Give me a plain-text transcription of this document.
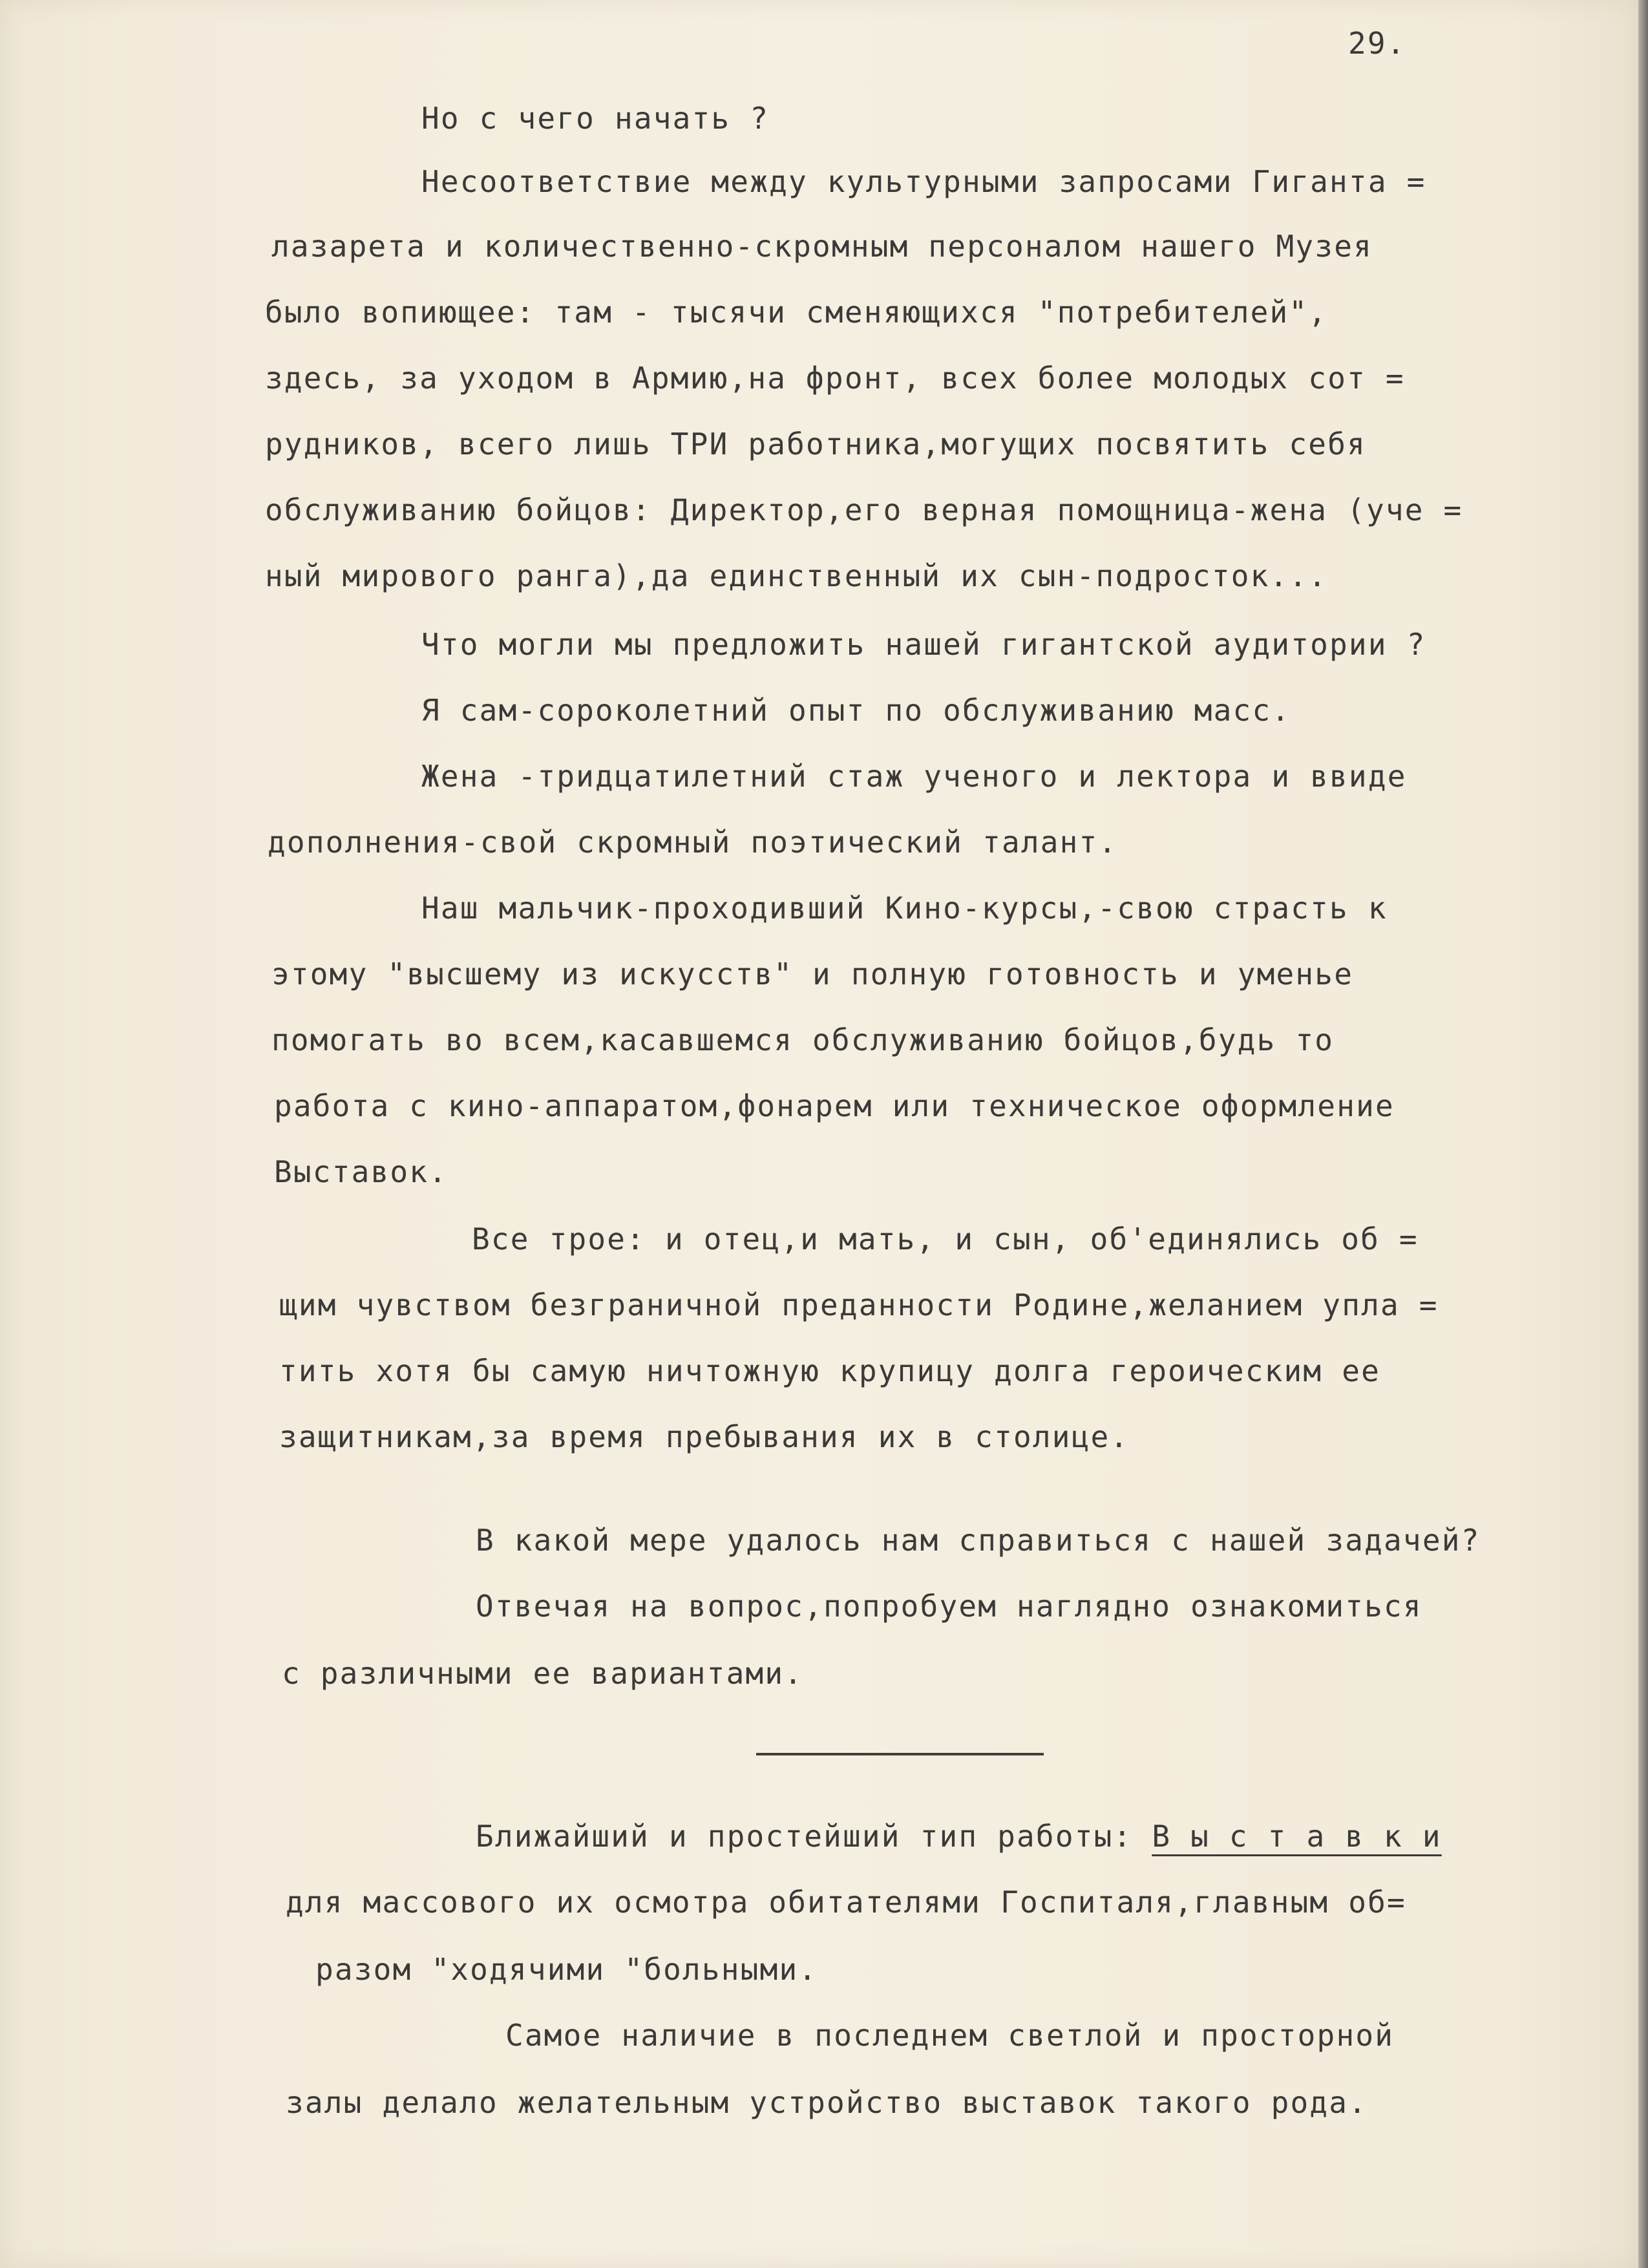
29.
Но с чего начать ?
Несоответствие между культурными запросами Гиганта =
лазарета и количественно-скромным персоналом нашего Музея
было вопиющее: там - тысячи сменяющихся "потребителей",
здесь, за уходом в Армию,на фронт, всех более молодых сот =
рудников, всего лишь ТРИ работника,могущих посвятить себя
обслуживанию бойцов: Директор,его верная помощница-жена (уче =
ный мирового ранга),да единственный их сын-подросток...
Что могли мы предложить нашей гигантской аудитории ?
Я сам-сороколетний опыт по обслуживанию масс.
Жена -тридцатилетний стаж ученого и лектора и ввиде
дополнения-свой скромный поэтический талант.
Наш мальчик-проходивший Кино-курсы,-свою страсть к
этому "высшему из искусств" и полную готовность и уменье
помогать во всем,касавшемся обслуживанию бойцов,будь то
работа с кино-аппаратом,фонарем или техническое оформление
Выставок.
Все трое: и отец,и мать, и сын, об'единялись об =
щим чувством безграничной преданности Родине,желанием упла =
тить хотя бы самую ничтожную крупицу долга героическим ее
защитникам,за время пребывания их в столице.
В какой мере удалось нам справиться с нашей задачей?
Отвечая на вопрос,попробуем наглядно ознакомиться
с различными ее вариантами.
Ближайший и простейший тип работы: В ы с т а в к и
для массового их осмотра обитателями Госпиталя,главным об=
разом "ходячими "больными.
Самое наличие в последнем светлой и просторной
залы делало желательным устройство выставок такого рода.
